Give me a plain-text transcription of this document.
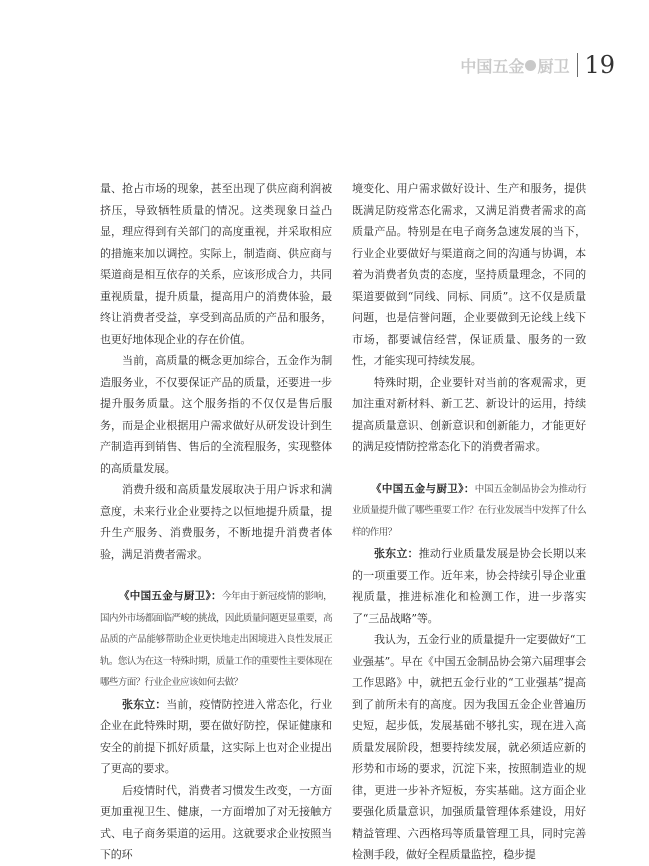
中国五金 厨卫 19

量、抢占市场的现象，甚至出现了供应商利润被挤压，导致牺牲质量的情况。这类现象日益凸显，理应得到有关部门的高度重视，并采取相应的措施来加以调控。实际上，制造商、供应商与渠道商是相互依存的关系，应该形成合力，共同重视质量，提升质量，提高用户的消费体验，最终让消费者受益，享受到高品质的产品和服务，也更好地体现企业的存在价值。

当前，高质量的概念更加综合，五金作为制造服务业，不仅要保证产品的质量，还要进一步提升服务质量。这个服务指的不仅仅是售后服务，而是企业根据用户需求做好从研发设计到生产制造再到销售、售后的全流程服务，实现整体的高质量发展。

消费升级和高质量发展取决于用户诉求和满意度，未来行业企业要持之以恒地提升质量，提升生产服务、消费服务，不断地提升消费者体验，满足消费者需求。

《中国五金与厨卫》：今年由于新冠疫情的影响，国内外市场都面临严峻的挑战，因此质量问题更显重要，高品质的产品能够帮助企业更快地走出困境进入良性发展正轨。您认为在这一特殊时期，质量工作的重要性主要体现在哪些方面？行业企业应该如何去做？

张东立：当前，疫情防控进入常态化，行业企业在此特殊时期，要在做好防控，保证健康和安全的前提下抓好质量，这实际上也对企业提出了更高的要求。

后疫情时代，消费者习惯发生改变，一方面更加重视卫生、健康，一方面增加了对无接触方式、电子商务渠道的运用。这就要求企业按照当下的环

境变化、用户需求做好设计、生产和服务，提供既满足防疫常态化需求，又满足消费者需求的高质量产品。特别是在电子商务急速发展的当下，行业企业要做好与渠道商之间的沟通与协调，本着为消费者负责的态度，坚持质量理念，不同的渠道要做到“同线、同标、同质”。这不仅是质量问题，也是信誉问题，企业要做到无论线上线下市场，都要诚信经营，保证质量、服务的一致性，才能实现可持续发展。

特殊时期，企业要针对当前的客观需求，更加注重对新材料、新工艺、新设计的运用，持续提高质量意识、创新意识和创新能力，才能更好的满足疫情防控常态化下的消费者需求。

《中国五金与厨卫》：中国五金制品协会为推动行业质量提升做了哪些重要工作？在行业发展当中发挥了什么样的作用？

张东立：推动行业质量发展是协会长期以来的一项重要工作。近年来，协会持续引导企业重视质量，推进标准化和检测工作，进一步落实了“三品战略”等。

我认为，五金行业的质量提升一定要做好“工业强基”。早在《中国五金制品协会第六届理事会工作思路》中，就把五金行业的“工业强基”提高到了前所未有的高度。因为我国五金企业普遍历史短，起步低，发展基础不够扎实，现在进入高质量发展阶段，想要持续发展，就必须适应新的形势和市场的要求，沉淀下来，按照制造业的规律，更进一步补齐短板，夯实基础。这方面企业要强化质量意识，加强质量管理体系建设，用好精益管理、六西格玛等质量管理工具，同时完善检测手段，做好全程质量监控，稳步提
